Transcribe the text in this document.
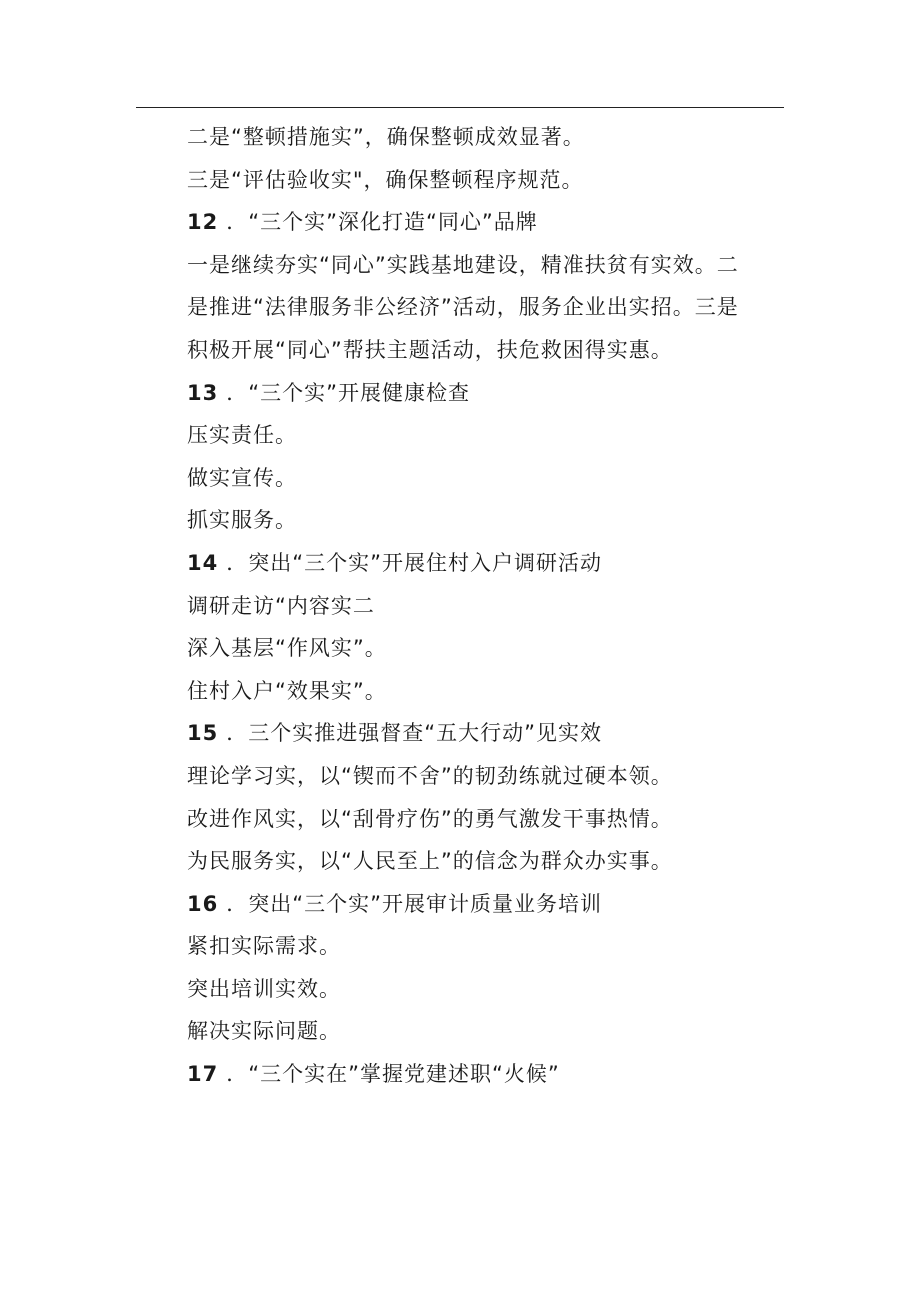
二是“整顿措施实”，确保整顿成效显著。
三是“评估验收实"，确保整顿程序规范。
12 ．“三个实”深化打造“同心”品牌
一是继续夯实“同心”实践基地建设，精准扶贫有实效。二
是推进“法律服务非公经济”活动，服务企业出实招。三是
积极开展“同心”帮扶主题活动，扶危救困得实惠。
13 ．“三个实”开展健康检查
压实责任。
做实宣传。
抓实服务。
14 ．突出“三个实”开展住村入户调研活动
调研走访“内容实二
深入基层“作风实”。
住村入户“效果实”。
15 ．三个实推进强督查“五大行动”见实效
理论学习实，以“锲而不舍”的韧劲练就过硬本领。
改进作风实，以“刮骨疗伤”的勇气激发干事热情。
为民服务实，以“人民至上”的信念为群众办实事。
16 ．突出“三个实”开展审计质量业务培训
紧扣实际需求。
突出培训实效。
解决实际问题。
17 ．“三个实在”掌握党建述职“火候”
